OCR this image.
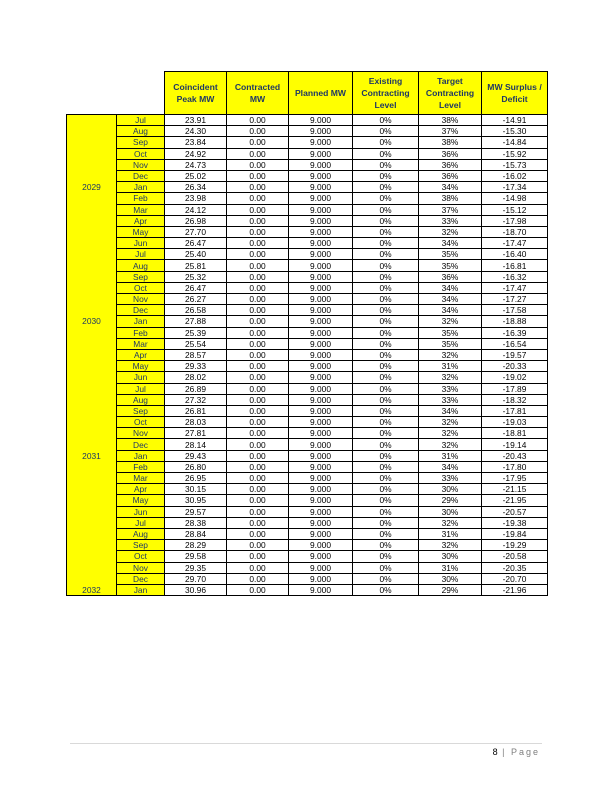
		Coincident Peak MW	Contracted MW	Planned MW	Existing Contracting Level	Target Contracting Level	MW Surplus / Deficit
	Jul	23.91	0.00	9.000	0%	38%	-14.91
	Aug	24.30	0.00	9.000	0%	37%	-15.30
	Sep	23.84	0.00	9.000	0%	38%	-14.84
	Oct	24.92	0.00	9.000	0%	36%	-15.92
	Nov	24.73	0.00	9.000	0%	36%	-15.73
	Dec	25.02	0.00	9.000	0%	36%	-16.02
2029	Jan	26.34	0.00	9.000	0%	34%	-17.34
	Feb	23.98	0.00	9.000	0%	38%	-14.98
	Mar	24.12	0.00	9.000	0%	37%	-15.12
	Apr	26.98	0.00	9.000	0%	33%	-17.98
	May	27.70	0.00	9.000	0%	32%	-18.70
	Jun	26.47	0.00	9.000	0%	34%	-17.47
	Jul	25.40	0.00	9.000	0%	35%	-16.40
	Aug	25.81	0.00	9.000	0%	35%	-16.81
	Sep	25.32	0.00	9.000	0%	36%	-16.32
	Oct	26.47	0.00	9.000	0%	34%	-17.47
	Nov	26.27	0.00	9.000	0%	34%	-17.27
	Dec	26.58	0.00	9.000	0%	34%	-17.58
2030	Jan	27.88	0.00	9.000	0%	32%	-18.88
	Feb	25.39	0.00	9.000	0%	35%	-16.39
	Mar	25.54	0.00	9.000	0%	35%	-16.54
	Apr	28.57	0.00	9.000	0%	32%	-19.57
	May	29.33	0.00	9.000	0%	31%	-20.33
	Jun	28.02	0.00	9.000	0%	32%	-19.02
	Jul	26.89	0.00	9.000	0%	33%	-17.89
	Aug	27.32	0.00	9.000	0%	33%	-18.32
	Sep	26.81	0.00	9.000	0%	34%	-17.81
	Oct	28.03	0.00	9.000	0%	32%	-19.03
	Nov	27.81	0.00	9.000	0%	32%	-18.81
	Dec	28.14	0.00	9.000	0%	32%	-19.14
2031	Jan	29.43	0.00	9.000	0%	31%	-20.43
	Feb	26.80	0.00	9.000	0%	34%	-17.80
	Mar	26.95	0.00	9.000	0%	33%	-17.95
	Apr	30.15	0.00	9.000	0%	30%	-21.15
	May	30.95	0.00	9.000	0%	29%	-21.95
	Jun	29.57	0.00	9.000	0%	30%	-20.57
	Jul	28.38	0.00	9.000	0%	32%	-19.38
	Aug	28.84	0.00	9.000	0%	31%	-19.84
	Sep	28.29	0.00	9.000	0%	32%	-19.29
	Oct	29.58	0.00	9.000	0%	30%	-20.58
	Nov	29.35	0.00	9.000	0%	31%	-20.35
	Dec	29.70	0.00	9.000	0%	30%	-20.70
2032	Jan	30.96	0.00	9.000	0%	29%	-21.96
8 | Page
